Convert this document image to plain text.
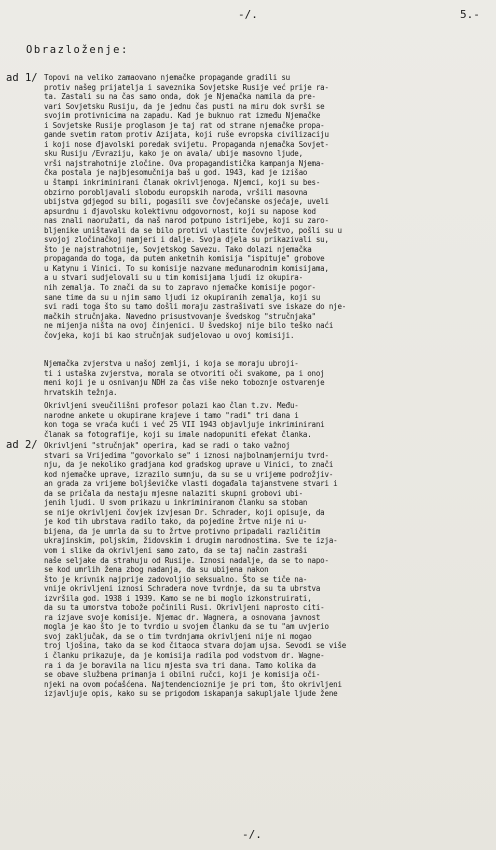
-/.	5.-
Obrazloženje:
ad 1/ Topovi na veliko zamaovano njemačke propagande gradili su
protiv našeg prijatelja i saveznika Sovjetske Rusije već prije ra-
ta. Zastali su na čas samo onda, dok je Njemačka namila da pre-
vari Sovjetsku Rusiju, da je jednu čas pusti na miru dok svrši se
svojim protivnicima na zapadu. Kad je buknuo rat između Njemačke
i Sovjetske Rusije proglasom je taj rat od strane njemačke propa-
gande svetim ratom protiv Azijata, koji ruše evropska civilizaciju
i koji nose đjavolski poredak svijetu. Propaganda njemačka Sovjet-
sku Rusiju /Evraziju, kako je on avala/ ubije masovno ljude,
vrši najstrahotnije zločine. Ova propagandistička kampanja Njema-
čka postala je najbjesomučnija baš u god. 1943, kad je izišao
u štampi inkriminirani članak okrivljenoga. Njemci, koji su bes-
obzirno porobljavali slobodu europskih naroda, vršili masovna
ubijstva gdjegod su bili, pogasili sve čovječanske osjećaje, uveli
apsurdnu i đjavolsku kolektivnu odgovornost, koji su napose kod
nas znali naoružati, da naš narod potpuno istrijebe, koji su zaro-
bljenike uništavali da se bilo protivi vlastite čovještvo, pošli su u
svojoj zločinačkoj namjeri i dalje. Svoja djela su prikazivali su,
što je najstrahotnije, Sovjetskog Savezu. Tako dolazi njemačka
propaganda do toga, da putem anketnih komisija "ispituje" grobove
u Katynu i Vinici. To su komisije nazvane međunarodnim komisijama,
a u stvari sudjelovali su u tim komisijama ljudi iz okupira-
nih zemalja. To znači da su to zapravo njemačke komisije pogor-
sane time da su u njim samo ljudi iz okupiranih zemalja, koji su
svi radi toga što su tamo došli moraju zastrašivati sve iskaze do nje-
mačkih stručnjaka. Navedno prisustvovanje švedskog "stručnjaka"
ne mijenja ništa na ovoj činjenici. U švedskoj nije bilo teško naći
čovjeka, koji bi kao stručnjak sudjelovao u ovoj komisiji.

Njemačka zvjerstva u našoj zemlji, i koja se moraju ubroji-
ti i ustaška zvjerstva, morala se otvoriti oči svakome, pa i onoj
meni koji je u osnivanju NDH za čas više neko toboznje ostvarenje
hrvatskih težnja.

Okrivljeni sveučilišni profesor polazi kao član t.zv. Među-
narodne ankete u okupirane krajeve i tamo "radi" tri dana i
kon toga se vraća kući i već 25 VII 1943 objavljuje inkriminirani
članak sa fotografije, koji su imale nadopuniti efekat članka.

ad 2/ Okrivljeni "stručnjak" operira, kad se radi o tako važnoj
stvari sa Vrijedima "govorkalo se" i iznosi najbolnamjerniju tvrd-
nju, da je nekoliko gradjana kod gradskog uprave u Vinici, to znači
kod njemačke uprave, izrazilo sumnju, da su se u vrijeme podrožjiv-
an grada za vrijeme boljševičke vlasti događala tajanstvene stvari i
da se pričala da nestaju mjesne nalaziti skupni grobovi ubi-
jenih ljudi. U svom prikazu u inkriminiranom članku sa stoban
se nije okrivljeni čovjek izvjesan Dr. Schrader, koji opisuje, da
je kod tih ubrstava radilo tako, da pojedine žrtve nije ni u-
bijena, da je umrla da su to žrtve protivno pripadali različitim
ukrajinskim, poljskim, židovskim i drugim narodnostima. Sve te izja-
vom i slike da okrivljeni samo zato, da se taj način zastraši
naše seljake da strahuju od Rusije. Iznosi nadalje, da se to napo-
se kod umrlih žena zbog nadanja, da su ubijena nakon
što je krivnik najprije zadovoljio seksualno. Što se tiče na-
vnije okrivljeni iznosi Schradera nove tvrdnje, da su ta ubrstva
izvršila god. 1938 i 1939. Kamo se ne bi moglo izkonstruirati,
da su ta umorstva tobože počinili Rusi. Okrivljeni naprosto citi-
ra izjave svoje komisije. Njemac dr. Wagnera, a osnovana javnost
mogla je kao što je to tvrdio u svojem članku da se tu "am uvjerio
svoj zaključak, da se o tim tvrdnjama okrivljeni nije ni mogao
troj ljošina, tako da se kod čitaoca stvara dojam ujsa. Sevodi se više
i članku prikazuje, da je komisija radila pod vodstvom dr. Wagne-
ra i da je boravila na licu mjesta sva tri dana. Tamo kolika da
se obave službena primanja i obilni ručci, koji je komisija oči-
njeki na ovom poćašćena. Najtendencioznije je pri tom, što okrivljeni
izjavljuje opis, kako su se prigodom iskapanja sakupljale ljude žene

-/.
